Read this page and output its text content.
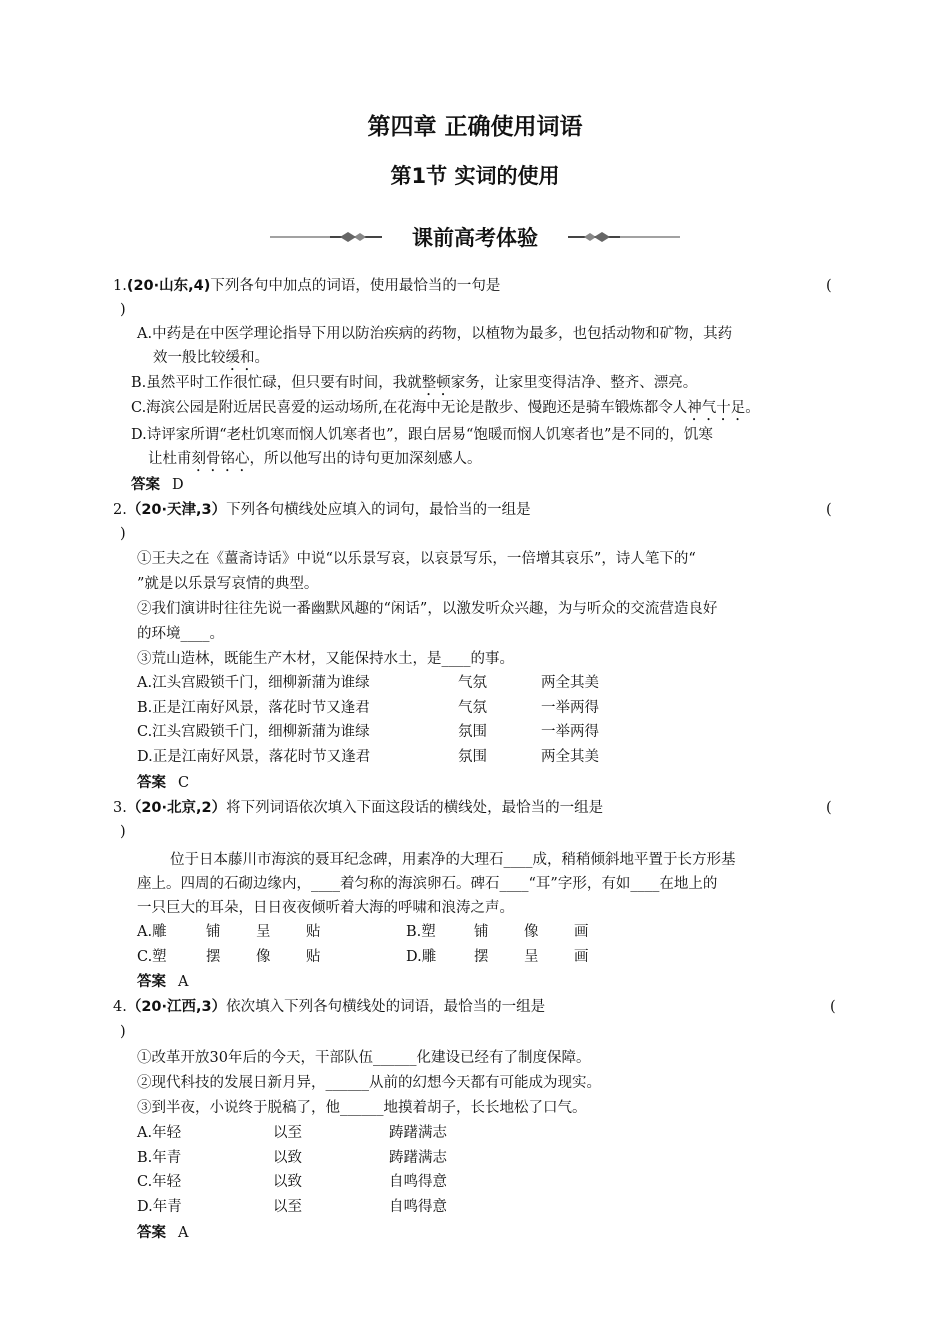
第四章 正确使用词语
第1节 实词的使用
课前高考体验
1.(20·山东,4)下列各句中加点的词语，使用最恰当的一句是	(
)
A.中药是在中医学理论指导下用以防治疾病的药物，以植物为最多，也包括动物和矿物，其药
效一般比较缓和。
B.虽然平时工作很忙碌，但只要有时间，我就整顿家务，让家里变得洁净、整齐、漂亮。
C.海滨公园是附近居民喜爱的运动场所,在花海中无论是散步、慢跑还是骑车锻炼都令人神气十足。
D.诗评家所谓“老杜饥寒而悯人饥寒者也”，跟白居易“饱暖而悯人饥寒者也”是不同的，饥寒
让杜甫刻骨铭心，所以他写出的诗句更加深刻感人。
答案 D
2.（20·天津,3）下列各句横线处应填入的词句，最恰当的一组是	(
)
①王夫之在《薑斋诗话》中说“以乐景写哀，以哀景写乐，一倍增其哀乐”，诗人笔下的“
”就是以乐景写哀情的典型。
②我们演讲时往往先说一番幽默风趣的“闲话”，以激发听众兴趣，为与听众的交流营造良好
的环境____。
③荒山造林，既能生产木材，又能保持水土，是____的事。
A.江头宫殿锁千门，细柳新蒲为谁绿	气氛	两全其美
B.正是江南好风景，落花时节又逢君	气氛	一举两得
C.江头宫殿锁千门，细柳新蒲为谁绿	氛围	一举两得
D.正是江南好风景，落花时节又逢君	氛围	两全其美
答案 C
3.（20·北京,2）将下列词语依次填入下面这段话的横线处，最恰当的一组是	(
)
位于日本藤川市海滨的聂耳纪念碑，用素净的大理石____成，稍稍倾斜地平置于长方形基
座上。四周的石砌边缘内，____着匀称的海滨卵石。碑石____“耳”字形，有如____在地上的
一只巨大的耳朵，日日夜夜倾听着大海的呼啸和浪涛之声。
A.雕	铺 呈 贴	B.塑	铺 像 画
C.塑	摆 像 贴	D.雕	摆 呈 画
答案 A
4.（20·江西,3）依次填入下列各句横线处的词语，最恰当的一组是	(
)
①改革开放30年后的今天，干部队伍______化建设已经有了制度保障。
②现代科技的发展日新月异，______从前的幻想今天都有可能成为现实。
③到半夜，小说终于脱稿了，他______地摸着胡子，长长地松了口气。
A.年轻	以至	踌躇满志
B.年青	以致	踌躇满志
C.年轻	以致	自鸣得意
D.年青	以至	自鸣得意
答案 A
